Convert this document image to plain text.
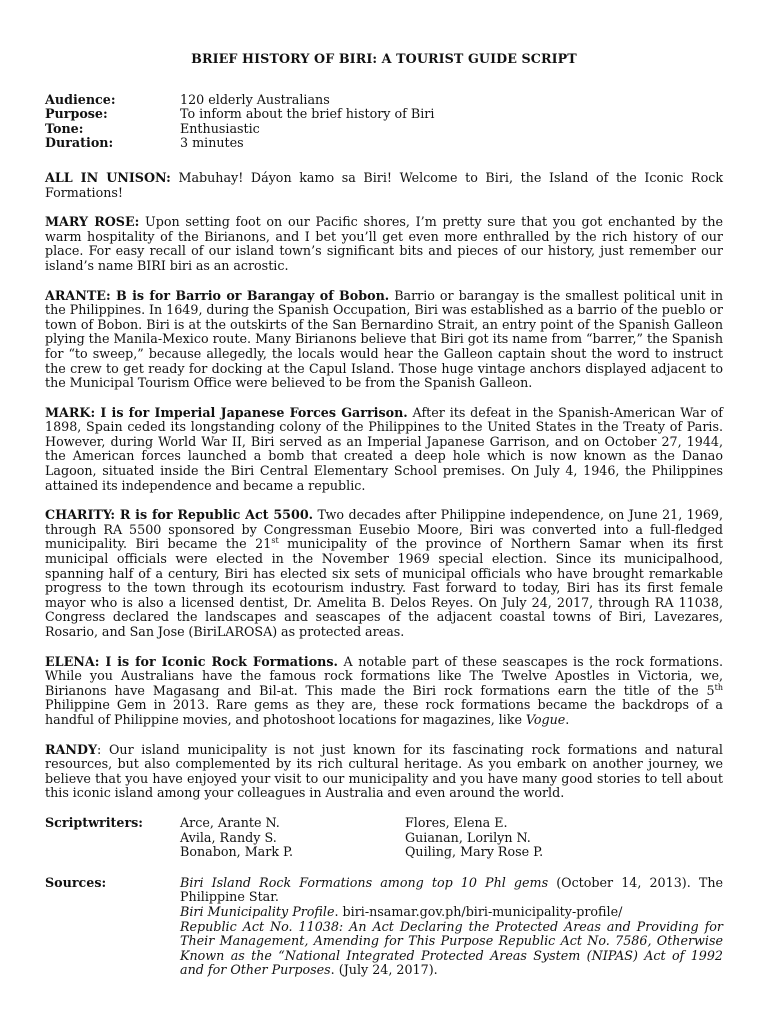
BRIEF HISTORY OF BIRI: A TOURIST GUIDE SCRIPT
Audience:	120 elderly Australians
Purpose:	To inform about the brief history of Biri
Tone:	Enthusiastic
Duration:	3 minutes

ALL IN UNISON: Mabuhay! Dáyon kamo sa Biri! Welcome to Biri, the Island of the Iconic Rock Formations!

MARY ROSE: Upon setting foot on our Pacific shores, I’m pretty sure that you got enchanted by the warm hospitality of the Birianons, and I bet you’ll get even more enthralled by the rich history of our place. For easy recall of our island town’s significant bits and pieces of our history, just remember our island’s name BIRI biri as an acrostic.

ARANTE: B is for Barrio or Barangay of Bobon. Barrio or barangay is the smallest political unit in the Philippines. In 1649, during the Spanish Occupation, Biri was established as a barrio of the pueblo or town of Bobon. Biri is at the outskirts of the San Bernardino Strait, an entry point of the Spanish Galleon plying the Manila-Mexico route. Many Birianons believe that Biri got its name from “barrer,” the Spanish for “to sweep,” because allegedly, the locals would hear the Galleon captain shout the word to instruct the crew to get ready for docking at the Capul Island. Those huge vintage anchors displayed adjacent to the Municipal Tourism Office were believed to be from the Spanish Galleon.

MARK: I is for Imperial Japanese Forces Garrison. After its defeat in the Spanish-American War of 1898, Spain ceded its longstanding colony of the Philippines to the United States in the Treaty of Paris. However, during World War II, Biri served as an Imperial Japanese Garrison, and on October 27, 1944, the American forces launched a bomb that created a deep hole which is now known as the Danao Lagoon, situated inside the Biri Central Elementary School premises. On July 4, 1946, the Philippines attained its independence and became a republic.

CHARITY: R is for Republic Act 5500. Two decades after Philippine independence, on June 21, 1969, through RA 5500 sponsored by Congressman Eusebio Moore, Biri was converted into a full-fledged municipality. Biri became the 21st municipality of the province of Northern Samar when its first municipal officials were elected in the November 1969 special election. Since its municipalhood, spanning half of a century, Biri has elected six sets of municipal officials who have brought remarkable progress to the town through its ecotourism industry. Fast forward to today, Biri has its first female mayor who is also a licensed dentist, Dr. Amelita B. Delos Reyes. On July 24, 2017, through RA 11038, Congress declared the landscapes and seascapes of the adjacent coastal towns of Biri, Lavezares, Rosario, and San Jose (BiriLAROSA) as protected areas.

ELENA: I is for Iconic Rock Formations. A notable part of these seascapes is the rock formations. While you Australians have the famous rock formations like The Twelve Apostles in Victoria, we, Birianons have Magasang and Bil-at. This made the Biri rock formations earn the title of the 5th Philippine Gem in 2013. Rare gems as they are, these rock formations became the backdrops of a handful of Philippine movies, and photoshoot locations for magazines, like Vogue.

RANDY: Our island municipality is not just known for its fascinating rock formations and natural resources, but also complemented by its rich cultural heritage. As you embark on another journey, we believe that you have enjoyed your visit to our municipality and you have many good stories to tell about this iconic island among your colleagues in Australia and even around the world.

Scriptwriters:	Arce, Arante N.	Flores, Elena E.
Avila, Randy S.	Guianan, Lorilyn N.
Bonabon, Mark P.	Quiling, Mary Rose P.
Sources:	Biri Island Rock Formations among top 10 Phl gems (October 14, 2013). The Philippine Star.
Biri Municipality Profile. biri-nsamar.gov.ph/biri-municipality-profile/
Republic Act No. 11038: An Act Declaring the Protected Areas and Providing for Their Management, Amending for This Purpose Republic Act No. 7586, Otherwise Known as the “National Integrated Protected Areas System (NIPAS) Act of 1992 and for Other Purposes. (July 24, 2017).
